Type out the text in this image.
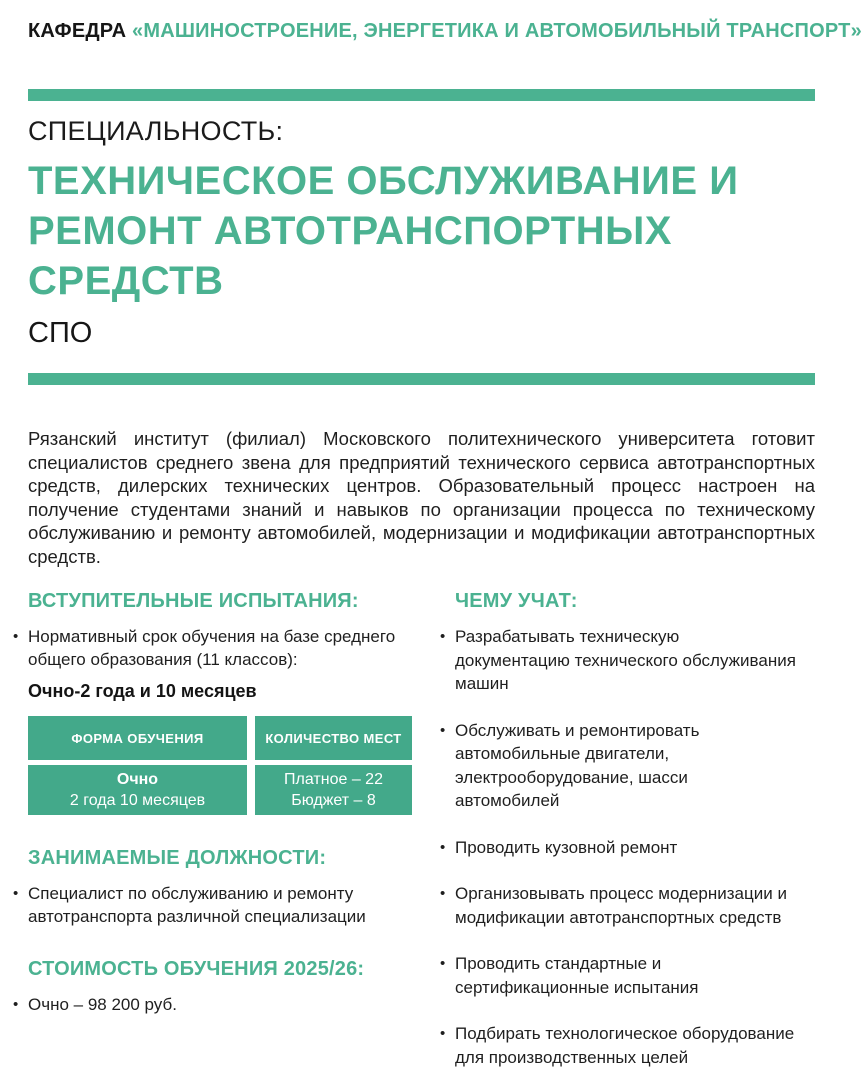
КАФЕДРА «МАШИНОСТРОЕНИЕ, ЭНЕРГЕТИКА И АВТОМОБИЛЬНЫЙ ТРАНСПОРТ»
СПЕЦИАЛЬНОСТЬ:
ТЕХНИЧЕСКОЕ ОБСЛУЖИВАНИЕ И
РЕМОНТ АВТОТРАНСПОРТНЫХ
СРЕДСТВ
СПО

Рязанский институт (филиал) Московского политехнического университета готовит специалистов среднего звена для предприятий технического сервиса автотранспортных средств, дилерских технических центров. Образовательный процесс настроен на получение студентами знаний и навыков по организации процесса по техническому обслуживанию и ремонту автомобилей, модернизации и модификации автотранспортных средств.

ВСТУПИТЕЛЬНЫЕ ИСПЫТАНИЯ:
• Нормативный срок обучения на базе среднего общего образования (11 классов):
Очно-2 года и 10 месяцев
ФОРМА ОБУЧЕНИЯ	КОЛИЧЕСТВО МЕСТ
Очно
2 года 10 месяцев
Платное – 22
Бюджет – 8
ЗАНИМАЕМЫЕ ДОЛЖНОСТИ:
• Специалист по обслуживанию и ремонту автотранспорта различной специализации
СТОИМОСТЬ ОБУЧЕНИЯ 2025/26:
• Очно – 98 200 руб.
ЧЕМУ УЧАТ:
• Разрабатывать техническую документацию технического обслуживания машин
• Обслуживать и ремонтировать автомобильные двигатели, электрооборудование, шасси автомобилей
• Проводить кузовной ремонт
• Организовывать процесс модернизации и модификации автотранспортных средств
• Проводить стандартные и сертификационные испытания
• Подбирать технологическое оборудование для производственных целей
